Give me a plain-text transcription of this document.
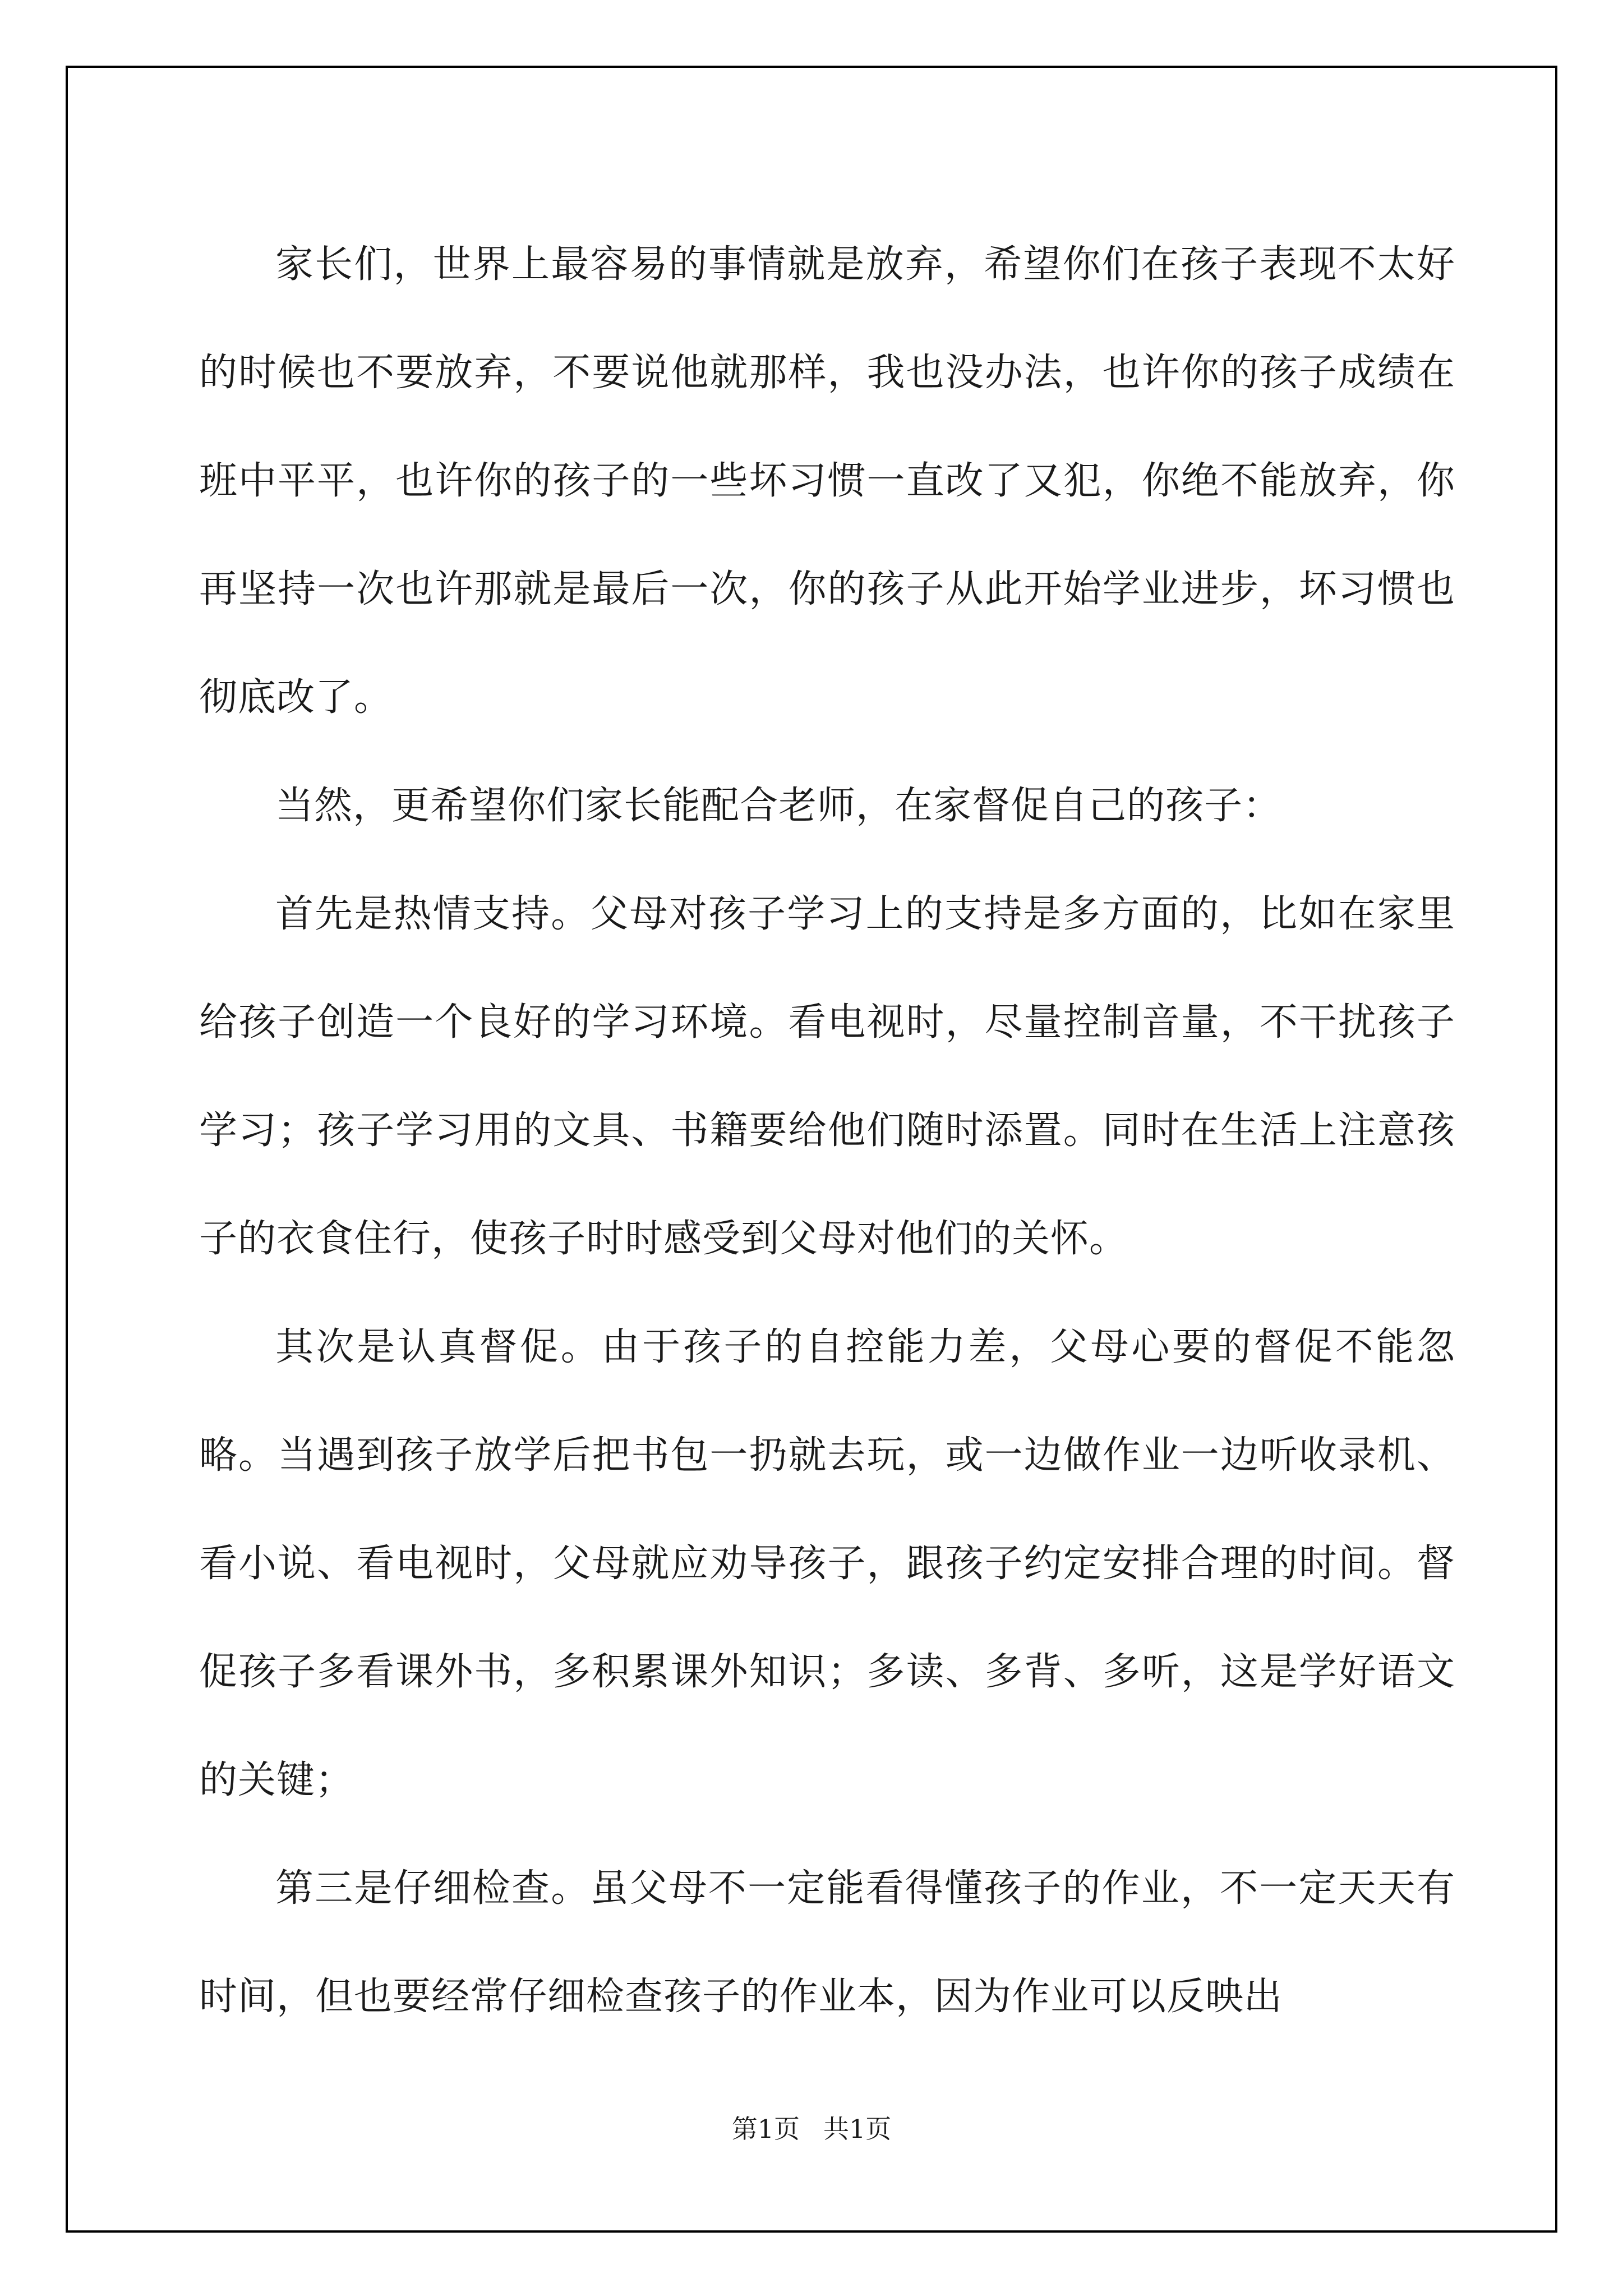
家长们，世界上最容易的事情就是放弃，希望你们在孩子表现不太好的时候也不要放弃，不要说他就那样，我也没办法，也许你的孩子成绩在班中平平，也许你的孩子的一些坏习惯一直改了又犯，你绝不能放弃，你再坚持一次也许那就是最后一次，你的孩子从此开始学业进步，坏习惯也彻底改了。

当然，更希望你们家长能配合老师，在家督促自己的孩子：

首先是热情支持。父母对孩子学习上的支持是多方面的，比如在家里给孩子创造一个良好的学习环境。看电视时，尽量控制音量，不干扰孩子学习；孩子学习用的文具、书籍要给他们随时添置。同时在生活上注意孩子的衣食住行，使孩子时时感受到父母对他们的关怀。

其次是认真督促。由于孩子的自控能力差，父母心要的督促不能忽略。当遇到孩子放学后把书包一扔就去玩，或一边做作业一边听收录机、看小说、看电视时，父母就应劝导孩子，跟孩子约定安排合理的时间。督促孩子多看课外书，多积累课外知识；多读、多背、多听，这是学好语文的关键；

第三是仔细检查。虽父母不一定能看得懂孩子的作业，不一定天天有时间，但也要经常仔细检查孩子的作业本，因为作业可以反映出

第1页 共1页
